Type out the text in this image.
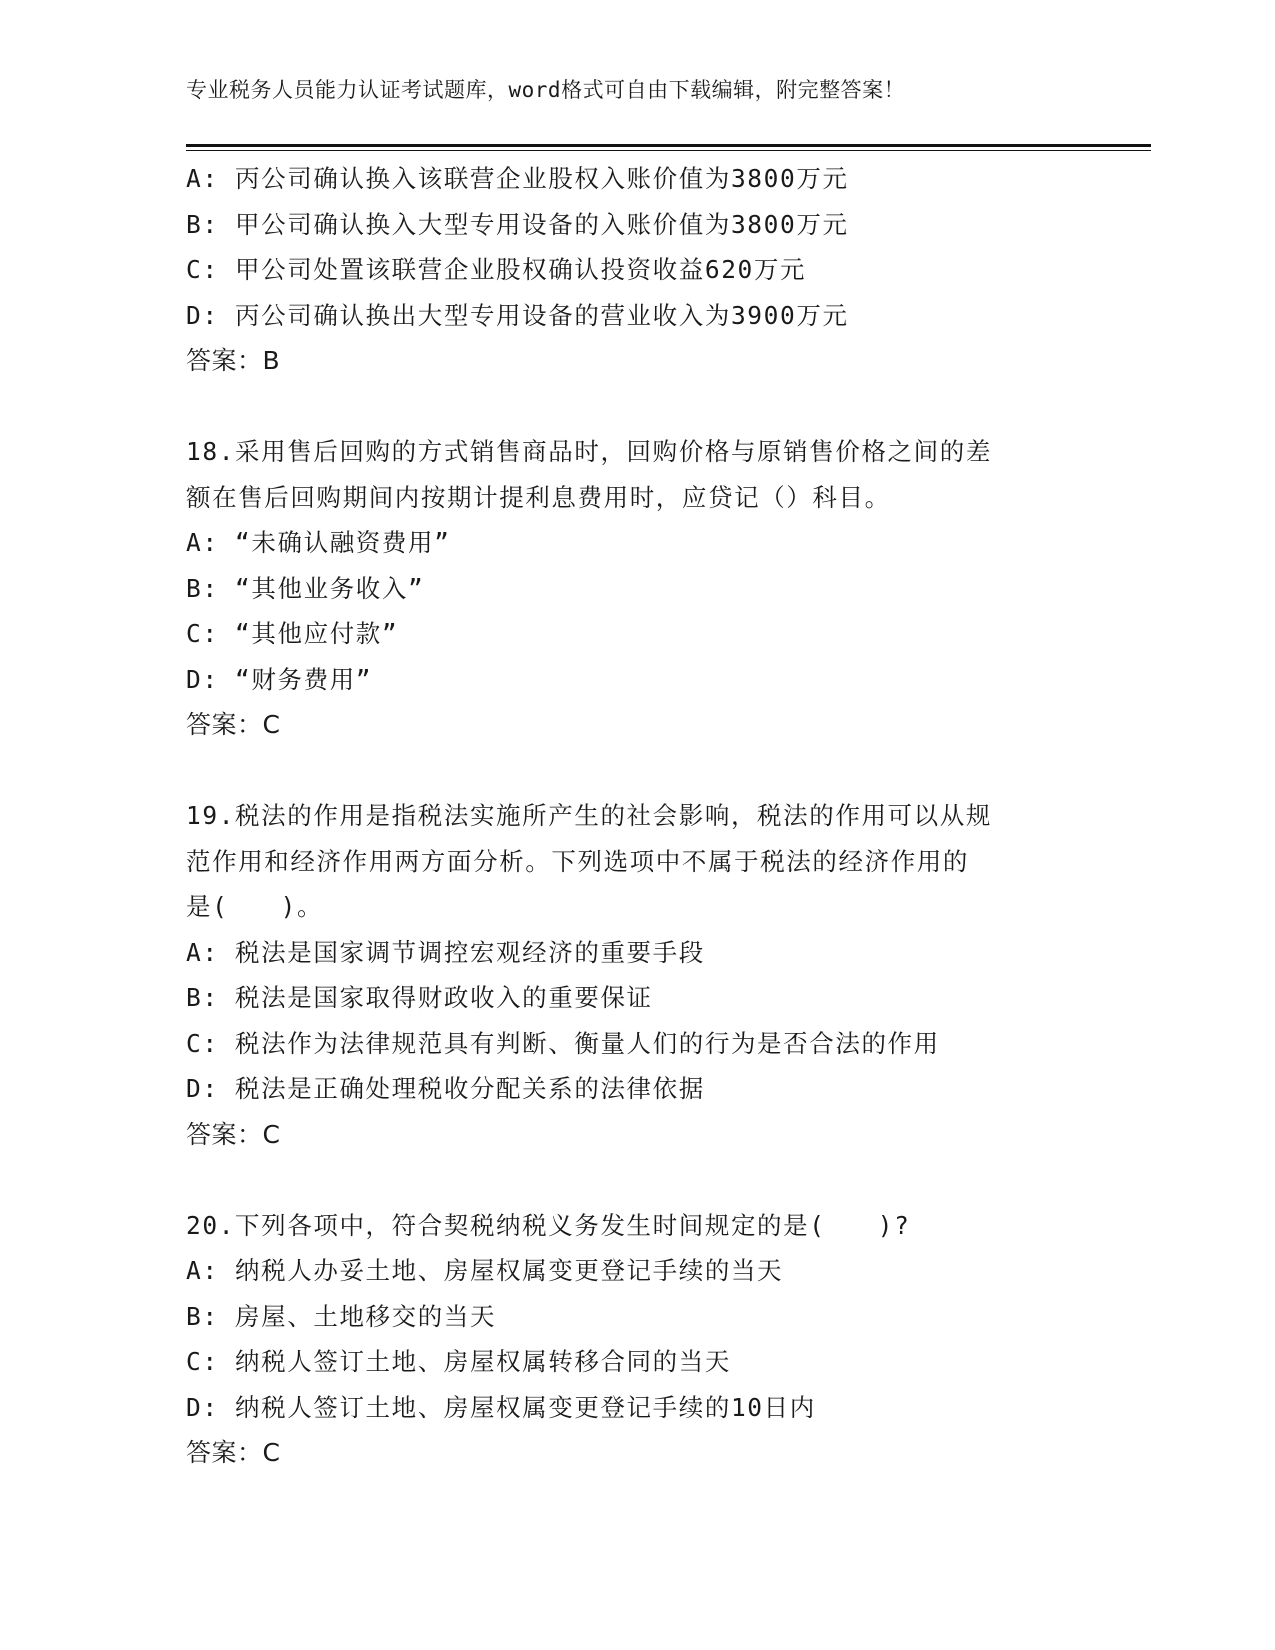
专业税务人员能力认证考试题库，word格式可自由下载编辑，附完整答案！
A: 丙公司确认换入该联营企业股权入账价值为3800万元
B: 甲公司确认换入大型专用设备的入账价值为3800万元
C: 甲公司处置该联营企业股权确认投资收益620万元
D: 丙公司确认换出大型专用设备的营业收入为3900万元
答案：B
18.采用售后回购的方式销售商品时，回购价格与原销售价格之间的差
额在售后回购期间内按期计提利息费用时，应贷记（）科目。
A: “未确认融资费用”
B: “其他业务收入”
C: “其他应付款”
D: “财务费用”
答案：C
19.税法的作用是指税法实施所产生的社会影响，税法的作用可以从规
范作用和经济作用两方面分析。下列选项中不属于税法的经济作用的
是(　　)。
A: 税法是国家调节调控宏观经济的重要手段
B: 税法是国家取得财政收入的重要保证
C: 税法作为法律规范具有判断、衡量人们的行为是否合法的作用
D: 税法是正确处理税收分配关系的法律依据
答案：C
20.下列各项中，符合契税纳税义务发生时间规定的是(　　)?
A: 纳税人办妥土地、房屋权属变更登记手续的当天
B: 房屋、土地移交的当天
C: 纳税人签订土地、房屋权属转移合同的当天
D: 纳税人签订土地、房屋权属变更登记手续的10日内
答案：C
